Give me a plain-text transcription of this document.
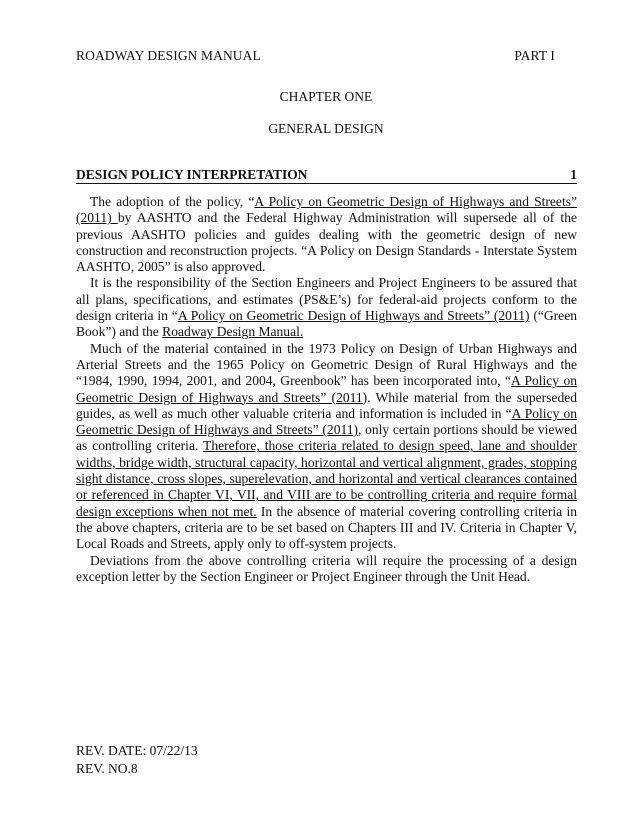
ROADWAY DESIGN MANUAL	PART I
CHAPTER ONE
GENERAL DESIGN
DESIGN POLICY INTERPRETATION	1

The adoption of the policy, “A Policy on Geometric Design of Highways and Streets” (2011) by AASHTO and the Federal Highway Administration will supersede all of the previous AASHTO policies and guides dealing with the geometric design of new construction and reconstruction projects. “A Policy on Design Standards - Interstate System AASHTO, 2005” is also approved.

It is the responsibility of the Section Engineers and Project Engineers to be assured that all plans, specifications, and estimates (PS&E’s) for federal-aid projects conform to the design criteria in “A Policy on Geometric Design of Highways and Streets” (2011) (“Green Book”) and the Roadway Design Manual.

Much of the material contained in the 1973 Policy on Design of Urban Highways and Arterial Streets and the 1965 Policy on Geometric Design of Rural Highways and the “1984, 1990, 1994, 2001, and 2004, Greenbook” has been incorporated into, “A Policy on Geometric Design of Highways and Streets” (2011). While material from the superseded guides, as well as much other valuable criteria and information is included in “A Policy on Geometric Design of Highways and Streets” (2011), only certain portions should be viewed as controlling criteria. Therefore, those criteria related to design speed, lane and shoulder widths, bridge width, structural capacity, horizontal and vertical alignment, grades, stopping sight distance, cross slopes, superelevation, and horizontal and vertical clearances contained or referenced in Chapter VI, VII, and VIII are to be controlling criteria and require formal design exceptions when not met. In the absence of material covering controlling criteria in the above chapters, criteria are to be set based on Chapters III and IV. Criteria in Chapter V, Local Roads and Streets, apply only to off-system projects.

Deviations from the above controlling criteria will require the processing of a design exception letter by the Section Engineer or Project Engineer through the Unit Head.

REV. DATE: 07/22/13
REV. NO.8
